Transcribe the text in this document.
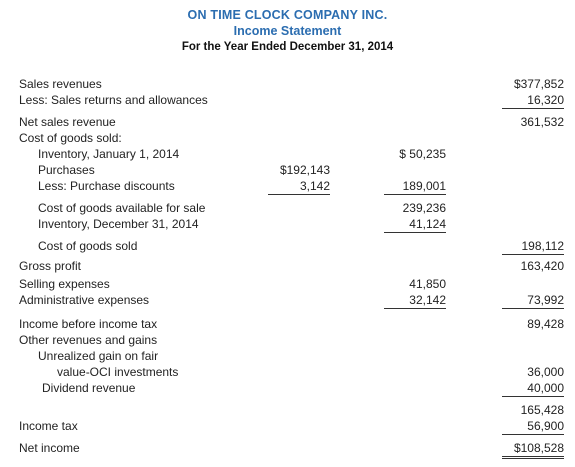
ON TIME CLOCK COMPANY INC.
Income Statement
For the Year Ended December 31, 2014
Sales revenues	$377,852
Less: Sales returns and allowances	16,320
Net sales revenue	361,532
Cost of goods sold:
Inventory, January 1, 2014	$ 50,235
Purchases	$192,143
Less: Purchase discounts	3,142	189,001
Cost of goods available for sale	239,236
Inventory, December 31, 2014	41,124
Cost of goods sold	198,112
Gross profit	163,420
Selling expenses	41,850
Administrative expenses	32,142	73,992
Income before income tax	89,428
Other revenues and gains
Unrealized gain on fair
value-OCI investments	36,000
Dividend revenue	40,000
165,428
Income tax	56,900
Net income	$108,528
